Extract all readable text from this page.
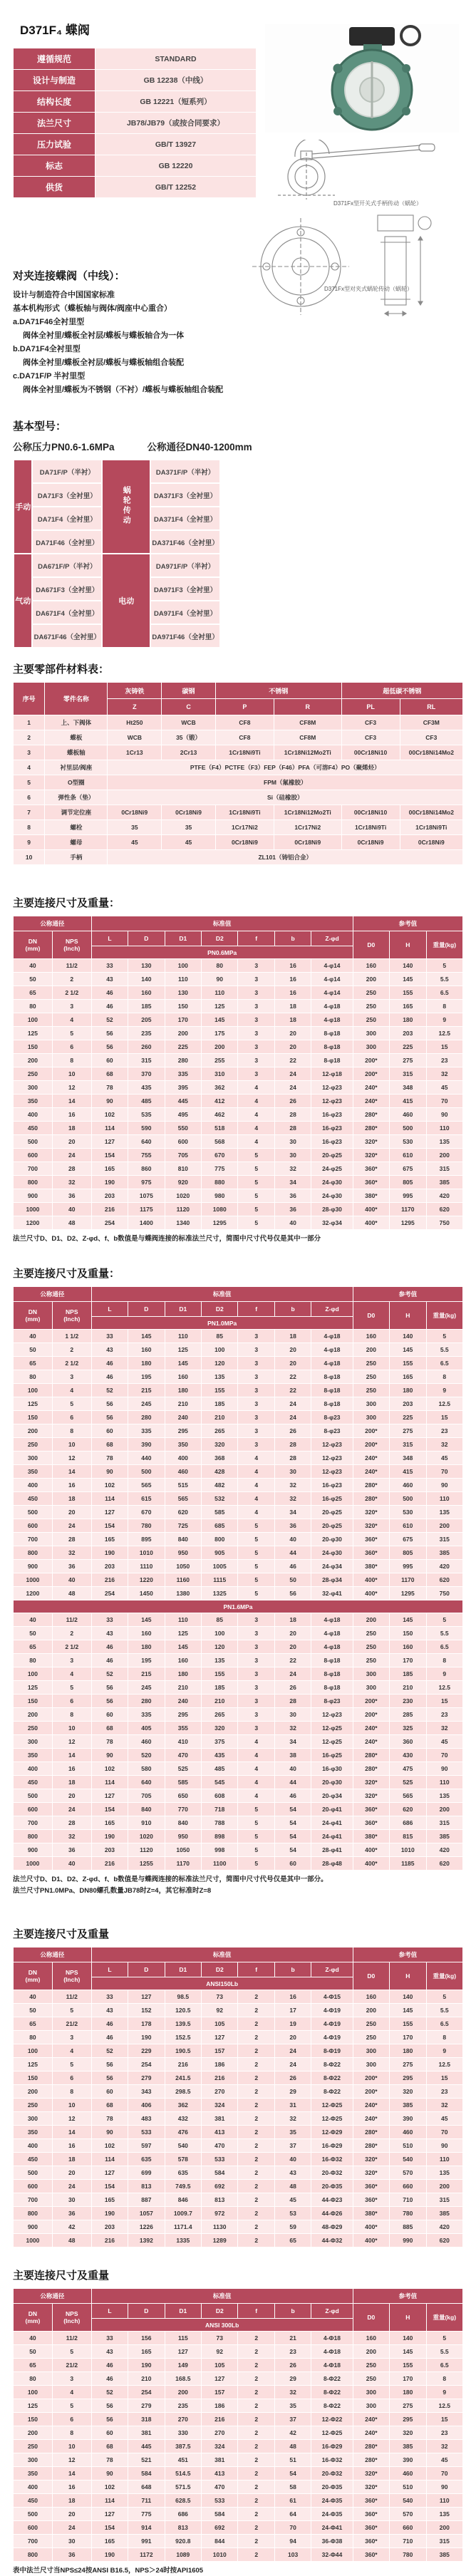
D371F₄ 蝶阀
D371Fx型开关式手柄传动（蜗轮）
D371Fx型对夹式蜗轮传动（蜗轮）
遵循规范	STANDARD
设计与制造	GB 12238（中线）
结构长度	GB 12221（短系列）
法兰尺寸	JB78/JB79（或按合同要求）
压力试验	GB/T 13927
标志	GB 12220
供货	GB/T 12252
对夹连接蝶阀（中线）：

设计与制造符合中国国家标准

基本机构形式（蝶板轴与阀体/阀座中心重合）

a.DA71F46全衬里型

阀体全衬里/蝶板全衬层/蝶板与蝶板轴合为一体

b.DA71F4全衬里型

阀体全衬里/蝶板全衬层/蝶板与蝶板轴组合装配

c.DA71F/P 半衬里型

阀体全衬里/蝶板为不锈钢（不衬）/蝶板与蝶板轴组合装配

基本型号：
公称压力PN0.6-1.6MPa	公称通径DN40-1200mm
手动	DA71F/P（半衬）	蜗轮传动	DA371F/P（半衬）
	DA71F3（全衬里）		DA371F3（全衬里）
	DA71F4（全衬里）		DA371F4（全衬里）
	DA71F46（全衬里）		DA371F46（全衬里）
气动	DA671F/P（半衬）	电动	DA971F/P（半衬）
	DA671F3（全衬里）		DA971F3（全衬里）
	DA671F4（全衬里）		DA971F4（全衬里）
	DA671F46（全衬里）		DA971F46（全衬里）
主要零部件材料表：
序号	零件名称	灰铸铁	碳钢	不锈钢		超低碳不锈钢	
		Z	C	P	R	PL	RL
1	上、下阀体	Ht250	WCB	CF8	CF8M	CF3	CF3M
2	蝶板	WCB	35（锻）	CF8	CF8M	CF3	CF3
3	蝶板轴	1Cr13	2Cr13	1Cr18Ni9Ti	1Cr18Ni12Mo2Ti	00Cr18Ni10	00Cr18Ni14Mo2
4	衬里层/阀座	PTFE（F4）PCTFE（F3）FEP（F46）PFA（可溶F4）PO（聚烯烃）					
5	O型圈	FPM（氟橡胶）					
6	弹性条（垫）	Si（硅橡胶）					
7	调节定位座	0Cr18Ni9	0Cr18Ni9	1Cr18Ni9Ti	1Cr18Ni12Mo2Ti	00Cr18Ni10	00Cr18Ni14Mo2
8	螺栓	35	35	1Cr17Ni2	1Cr17Ni2	1Cr18Ni9Ti	1Cr18Ni9Ti
9	螺母	45	45	0Cr18Ni9	0Cr18Ni9	0Cr18Ni9	0Cr18Ni9
10	手柄	ZL101（铸铝合金）					
主要连接尺寸及重量：
公称通径		标准值							参考值		
DN
(mm)	NPS
(Inch)	L	D	D1	D2	f	b	Z-φd	D0	H	重量(kg)
		PN0.6MPa									
40	11/2	33	130	100	80	3	16	4-φ14	160	140	5
50	2	43	140	110	90	3	16	4-φ14	200	145	5.5
65	2 1/2	46	160	130	110	3	16	4-φ14	250	155	6.5
80	3	46	185	150	125	3	18	4-φ18	250	165	8
100	4	52	205	170	145	3	18	4-φ18	250	180	9
125	5	56	235	200	175	3	20	8-φ18	300	203	12.5
150	6	56	260	225	200	3	20	8-φ18	300	225	15
200	8	60	315	280	255	3	22	8-φ18	200*	275	23
250	10	68	370	335	310	3	24	12-φ18	200*	315	32
300	12	78	435	395	362	4	24	12-φ23	240*	348	45
350	14	90	485	445	412	4	26	12-φ23	240*	415	70
400	16	102	535	495	462	4	28	16-φ23	280*	460	90
450	18	114	590	550	518	4	28	16-φ23	280*	500	110
500	20	127	640	600	568	4	30	16-φ23	320*	530	135
600	24	154	755	705	670	5	30	20-φ25	320*	610	200
700	28	165	860	810	775	5	32	24-φ25	360*	675	315
800	32	190	975	920	880	5	34	24-φ30	360*	805	385
900	36	203	1075	1020	980	5	36	24-φ30	380*	995	420
1000	40	216	1175	1120	1080	5	36	28-φ30	400*	1170	620
1200	48	254	1400	1340	1295	5	40	32-φ34	400*	1295	750

法兰尺寸D、D1、D2、Z-φd、f、b数值是与蝶阀连接的标准法兰尺寸，简图中尺寸代号仅是其中一部分

主要连接尺寸及重量：
公称通径		标准值							参考值		
DN
(mm)	NPS
(Inch)	L	D	D1	D2	f	b	Z-φd	D0	H	重量(kg)
		PN1.0MPa									
40	1 1/2	33	145	110	85	3	18	4-φ18	160	140	5
50	2	43	160	125	100	3	20	4-φ18	200	145	5.5
65	2 1/2	46	180	145	120	3	20	4-φ18	250	155	6.5
80	3	46	195	160	135	3	22	8-φ18	250	165	8
100	4	52	215	180	155	3	22	8-φ18	250	180	9
125	5	56	245	210	185	3	24	8-φ18	300	203	12.5
150	6	56	280	240	210	3	24	8-φ23	300	225	15
200	8	60	335	295	265	3	26	8-φ23	200*	275	23
250	10	68	390	350	320	3	28	12-φ23	200*	315	32
300	12	78	440	400	368	4	28	12-φ23	240*	348	45
350	14	90	500	460	428	4	30	12-φ23	240*	415	70
400	16	102	565	515	482	4	32	16-φ23	280*	460	90
450	18	114	615	565	532	4	32	16-φ25	280*	500	110
500	20	127	670	620	585	4	34	20-φ25	320*	530	135
600	24	154	780	725	685	5	36	20-φ25	320*	610	200
700	28	165	895	840	800	5	40	20-φ30	360*	675	315
800	32	190	1010	950	905	5	44	24-φ30	360*	805	385
900	36	203	1110	1050	1005	5	46	24-φ34	380*	995	420
1000	40	216	1220	1160	1115	5	50	28-φ34	400*	1170	620
1200	48	254	1450	1380	1325	5	56	32-φ41	400*	1295	750
PN1.6MPa											
40	11/2	33	145	110	85	3	18	4-φ18	200	145	5
50	2	43	160	125	100	3	20	4-φ18	250	150	5.5
65	2 1/2	46	180	145	120	3	20	4-φ18	250	160	6.5
80	3	46	195	160	135	3	22	8-φ18	250	170	8
100	4	52	215	180	155	3	24	8-φ18	300	185	9
125	5	56	245	210	185	3	26	8-φ18	300	210	12.5
150	6	56	280	240	210	3	28	8-φ23	200*	230	15
200	8	60	335	295	265	3	30	12-φ23	200*	285	23
250	10	68	405	355	320	3	32	12-φ25	240*	325	32
300	12	78	460	410	375	4	34	12-φ25	240*	360	45
350	14	90	520	470	435	4	38	16-φ25	280*	430	70
400	16	102	580	525	485	4	40	16-φ30	280*	475	90
450	18	114	640	585	545	4	44	20-φ30	320*	525	110
500	20	127	705	650	608	4	46	20-φ34	320*	565	135
600	24	154	840	770	718	5	54	20-φ41	360*	620	200
700	28	165	910	840	788	5	54	24-φ41	360*	686	315
800	32	190	1020	950	898	5	54	24-φ41	380*	815	385
900	36	203	1120	1050	998	5	54	28-φ41	400*	1010	420
1000	40	216	1255	1170	1100	5	60	28-φ48	400*	1185	620

法兰尺寸D、D1、D2、Z-φd、f、b数值是与蝶阀连接的标准法兰尺寸，简图中尺寸代号仅是其中一部分。

法兰尺寸PN1.0MPa、DN80螺孔数量JB78时Z=4，其它标准时Z=8

主要连接尺寸及重量
公称通径		标准值							参考值		
DN
(mm)	NPS
(Inch)	L	D	D1	D2	f	b	Z-φd	D0	H	重量(kg)
		ANSI150Lb									
40	11/2	33	127	98.5	73	2	16	4-Φ15	160	140	5
50	5	43	152	120.5	92	2	17	4-Φ19	200	145	5.5
65	21/2	46	178	139.5	105	2	19	4-Φ19	250	155	6.5
80	3	46	190	152.5	127	2	20	4-Φ19	250	170	8
100	4	52	229	190.5	157	2	24	8-Φ19	300	180	9
125	5	56	254	216	186	2	24	8-Φ22	300	275	12.5
150	6	56	279	241.5	216	2	26	8-Φ22	200*	295	15
200	8	60	343	298.5	270	2	29	8-Φ22	200*	320	23
250	10	68	406	362	324	2	31	12-Φ25	240*	385	32
300	12	78	483	432	381	2	32	12-Φ25	240*	390	45
350	14	90	533	476	413	2	35	12-Φ29	280*	460	70
400	16	102	597	540	470	2	37	16-Φ29	280*	510	90
450	18	114	635	578	533	2	40	16-Φ32	320*	540	110
500	20	127	699	635	584	2	43	20-Φ32	320*	570	135
600	24	154	813	749.5	692	2	48	20-Φ35	360*	660	200
700	30	165	887	846	813	2	45	44-Φ23	360*	710	315
800	36	190	1057	1009.7	972	2	53	44-Φ26	380*	780	385
900	42	203	1226	1171.4	1130	2	59	48-Φ29	400*	885	420
1000	48	216	1392	1335	1289	2	65	44-Φ32	400*	990	620
主要连接尺寸及重量
公称通径		标准值							参考值		
DN
(mm)	NPS
(Inch)	L	D	D1	D2	f	b	Z-φd	D0	H	重量(kg)
		ANSI 300Lb									
40	11/2	33	156	115	73	2	21	4-Φ18	160	140	5
50	5	43	165	127	92	2	23	4-Φ18	200	145	5.5
65	21/2	46	190	149	105	2	26	4-Φ18	250	155	6.5
80	3	46	210	168.5	127	2	29	8-Φ22	250	170	8
100	4	52	254	200	157	2	32	8-Φ22	300	180	9
125	5	56	279	235	186	2	35	8-Φ22	300	275	12.5
150	6	56	318	270	216	2	37	12-Φ22	240*	295	15
200	8	60	381	330	270	2	42	12-Φ25	240*	320	23
250	10	68	445	387.5	324	2	48	16-Φ29	280*	385	32
300	12	78	521	451	381	2	51	16-Φ32	280*	390	45
350	14	90	584	514.5	413	2	54	20-Φ32	320*	460	70
400	16	102	648	571.5	470	2	58	20-Φ35	320*	510	90
450	18	114	711	628.5	533	2	61	24-Φ35	360*	540	110
500	20	127	775	686	584	2	64	24-Φ35	360*	570	135
600	24	154	914	813	692	2	70	24-Φ41	360*	660	200
700	30	165	991	920.8	844	2	94	36-Φ38	360*	710	315
800	36	190	1172	1089	1010	2	103	32-Φ44	360*	780	385

表中法兰尺寸当NPS≤24按ANSI B16.5，NPS＞24时按API1605
